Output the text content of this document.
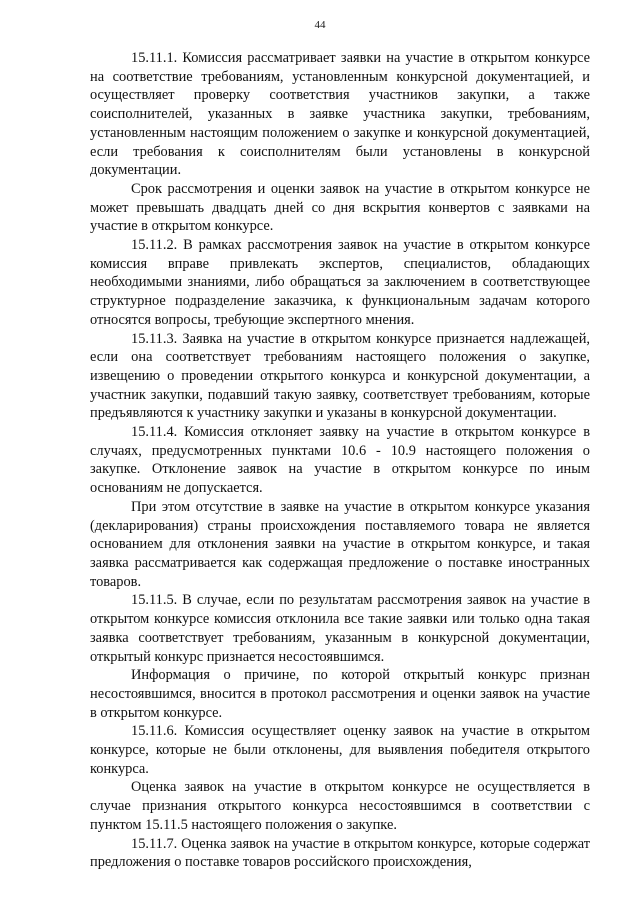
44

15.11.1. Комиссия рассматривает заявки на участие в открытом конкурсе на соответствие требованиям, установленным конкурсной документацией, и осуществляет проверку соответствия участников закупки, а также соисполнителей, указанных в заявке участника закупки, требованиям, установленным настоящим положением о закупке и конкурсной документацией, если требования к соисполнителям были установлены в конкурсной документации.

Срок рассмотрения и оценки заявок на участие в открытом конкурсе не может превышать двадцать дней со дня вскрытия конвертов с заявками на участие в открытом конкурсе.

15.11.2. В рамках рассмотрения заявок на участие в открытом конкурсе комиссия вправе привлекать экспертов, специалистов, обладающих необходимыми знаниями, либо обращаться за заключением в соответствующее структурное подразделение заказчика, к функциональным задачам которого относятся вопросы, требующие экспертного мнения.

15.11.3. Заявка на участие в открытом конкурсе признается надлежащей, если она соответствует требованиям настоящего положения о закупке, извещению о проведении открытого конкурса и конкурсной документации, а участник закупки, подавший такую заявку, соответствует требованиям, которые предъявляются к участнику закупки и указаны в конкурсной документации.

15.11.4. Комиссия отклоняет заявку на участие в открытом конкурсе в случаях, предусмотренных пунктами 10.6 - 10.9 настоящего положения о закупке. Отклонение заявок на участие в открытом конкурсе по иным основаниям не допускается.

При этом отсутствие в заявке на участие в открытом конкурсе указания (декларирования) страны происхождения поставляемого товара не является основанием для отклонения заявки на участие в открытом конкурсе, и такая заявка рассматривается как содержащая предложение о поставке иностранных товаров.

15.11.5. В случае, если по результатам рассмотрения заявок на участие в открытом конкурсе комиссия отклонила все такие заявки или только одна такая заявка соответствует требованиям, указанным в конкурсной документации, открытый конкурс признается несостоявшимся.

Информация о причине, по которой открытый конкурс признан несостоявшимся, вносится в протокол рассмотрения и оценки заявок на участие в открытом конкурсе.

15.11.6. Комиссия осуществляет оценку заявок на участие в открытом конкурсе, которые не были отклонены, для выявления победителя открытого конкурса.

Оценка заявок на участие в открытом конкурсе не осуществляется в случае признания открытого конкурса несостоявшимся в соответствии с пунктом 15.11.5 настоящего положения о закупке.

15.11.7. Оценка заявок на участие в открытом конкурсе, которые содержат предложения о поставке товаров российского происхождения,
